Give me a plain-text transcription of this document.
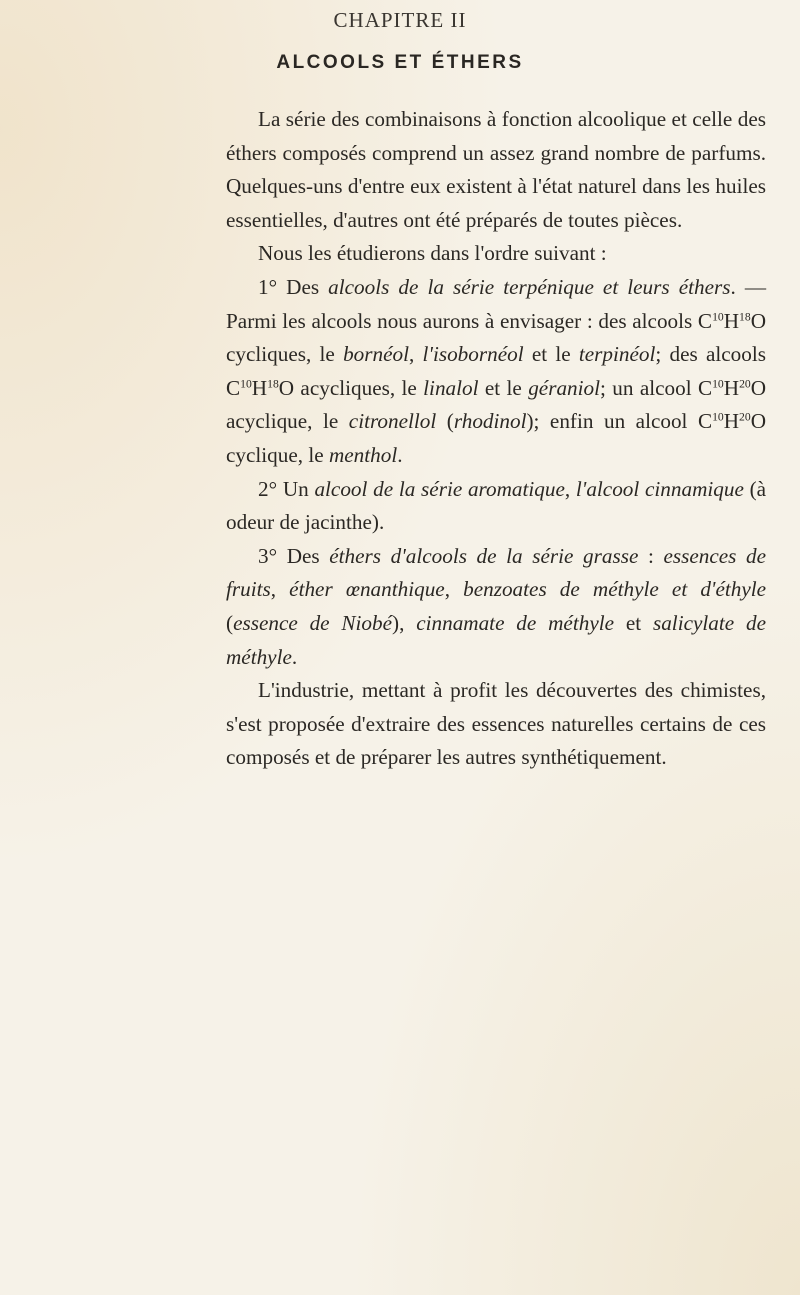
CHAPITRE II
ALCOOLS ET ÉTHERS

La série des combinaisons à fonction alcoolique et celle des éthers composés comprend un assez grand nombre de parfums. Quelques-uns d'entre eux existent à l'état naturel dans les huiles essentielles, d'autres ont été préparés de toutes pièces.

Nous les étudierons dans l'ordre suivant :

1° Des alcools de la série terpénique et leurs éthers. — Parmi les alcools nous aurons à envisager : des alcools $C^{10}H^{18}O$ cycliques, le bornéol, l'isobornéol et le terpinéol; des alcools $C^{10}H^{18}O$ acycliques, le linalol et le géraniol; un alcool $C^{10}H^{20}O$ acyclique, le citronellol (rhodinol); enfin un alcool $C^{10}H^{20}O$ cyclique, le menthol.

2° Un alcool de la série aromatique, l'alcool cinnamique (à odeur de jacinthe).

3° Des éthers d'alcools de la série grasse : essences de fruits, éther œnanthique, benzoates de méthyle et d'éthyle (essence de Niobé), cinnamate de méthyle et salicylate de méthyle.

L'industrie, mettant à profit les découvertes des chimistes, s'est proposée d'extraire des essences naturelles certains de ces composés et de préparer les autres synthétiquement.
